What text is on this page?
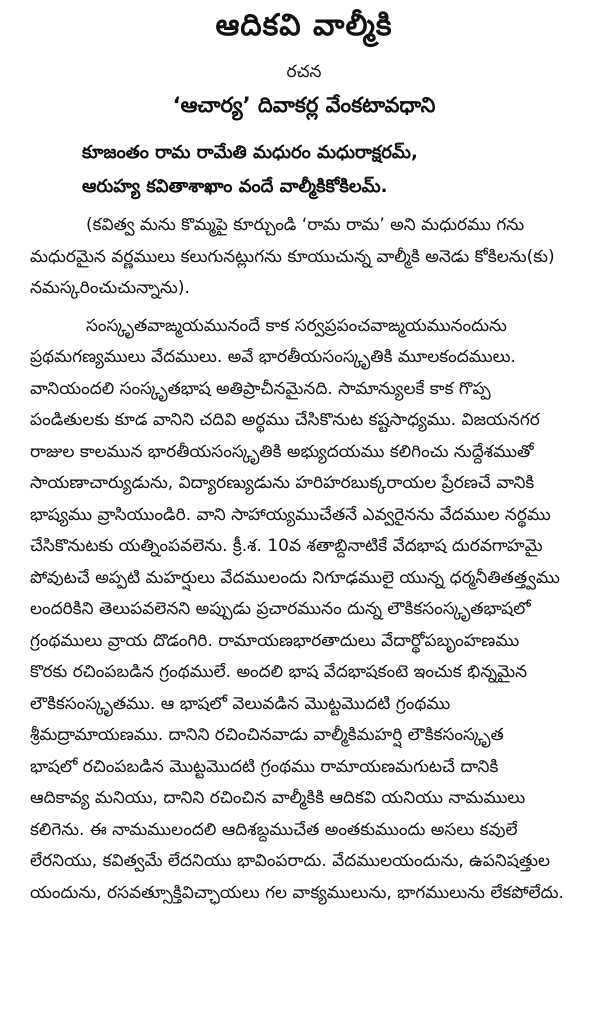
ఆదికవి వాల్మీకి
రచన
‘ఆచార్య’ దివాకర్ల వేంకటావధాని
కూజంతం రామ రామేతి మధురం మధురాక్షరమ్,
ఆరుహ్య కవితాశాఖాం వందే వాల్మీకికోకిలమ్.
(కవిత్వ మను కొమ్మపై కూర్చుండి ‘రామ రామ’ అని మధురము గను
మధురమైన వర్ణములు కలుగునట్లుగను కూయుచున్న వాల్మీకి అనెడు కోకిలను(కు)
నమస్కరించుచున్నాను).
సంస్కృతవాఙ్మయమునందే కాక సర్వప్రపంచవాఙ్మయమునందును
ప్రథమగణ్యములు వేదములు. అవే భారతీయసంస్కృతికి మూలకందములు.
వానియందలి సంస్కృతభాష అతిప్రాచీనమైనది. సామాన్యులకే కాక గొప్ప
పండితులకు కూడ వానిని చదివి అర్థము చేసికొనుట కష్టసాధ్యము. విజయనగర
రాజుల కాలమున భారతీయసంస్కృతికి అభ్యుదయము కలిగించు నుద్దేశముతో
సాయణాచార్యుడును, విద్యారణ్యుడును హరిహరబుక్కరాయల ప్రేరణచే వానికి
భాష్యము వ్రాసియుండిరి. వాని సాహాయ్యముచేతనే ఎవ్వరైనను వేదముల నర్థము
చేసికొనుటకు యత్నింపవలెను. క్రీ.శ. 10వ శతాబ్దినాటికే వేదభాష దురవగాహమై
పోవుటచే అప్పటి మహర్షులు వేదములందు నిగూఢములై యున్న ధర్మనీతితత్త్వము
లందరికిని తెలుపవలెనని అప్పుడు ప్రచారమునం దున్న లౌకికసంస్కృతభాషలో
గ్రంథములు వ్రాయ దొడంగిరి. రామాయణభారతాదులు వేదార్థోపబృంహణము
కొరకు రచింపబడిన గ్రంథములే. అందలి భాష వేదభాషకంటె ఇంచుక భిన్నమైన
లౌకికసంస్కృతము. ఆ భాషలో వెలువడిన మొట్టమొదటి గ్రంథము
శ్రీమద్రామాయణము. దానిని రచించినవాడు వాల్మీకిమహర్షి లౌకికసంస్కృత
భాషలో రచింపబడిన మొట్టమొదటి గ్రంథము రామాయణమగుటచే దానికి
ఆదికావ్య మనియు, దానిని రచించిన వాల్మీకికి ఆదికవి యనియు నామములు
కలిగెను. ఈ నామములందలి ఆదిశబ్దముచేత అంతకుముందు అసలు కవులే
లేరనియు, కవిత్వమే లేదనియు భావింపరాదు. వేదములయందును, ఉపనిషత్తుల
యందును, రసవత్సూక్తివిచ్ఛాయలు గల వాక్యములును, భాగములును లేకపోలేదు.
